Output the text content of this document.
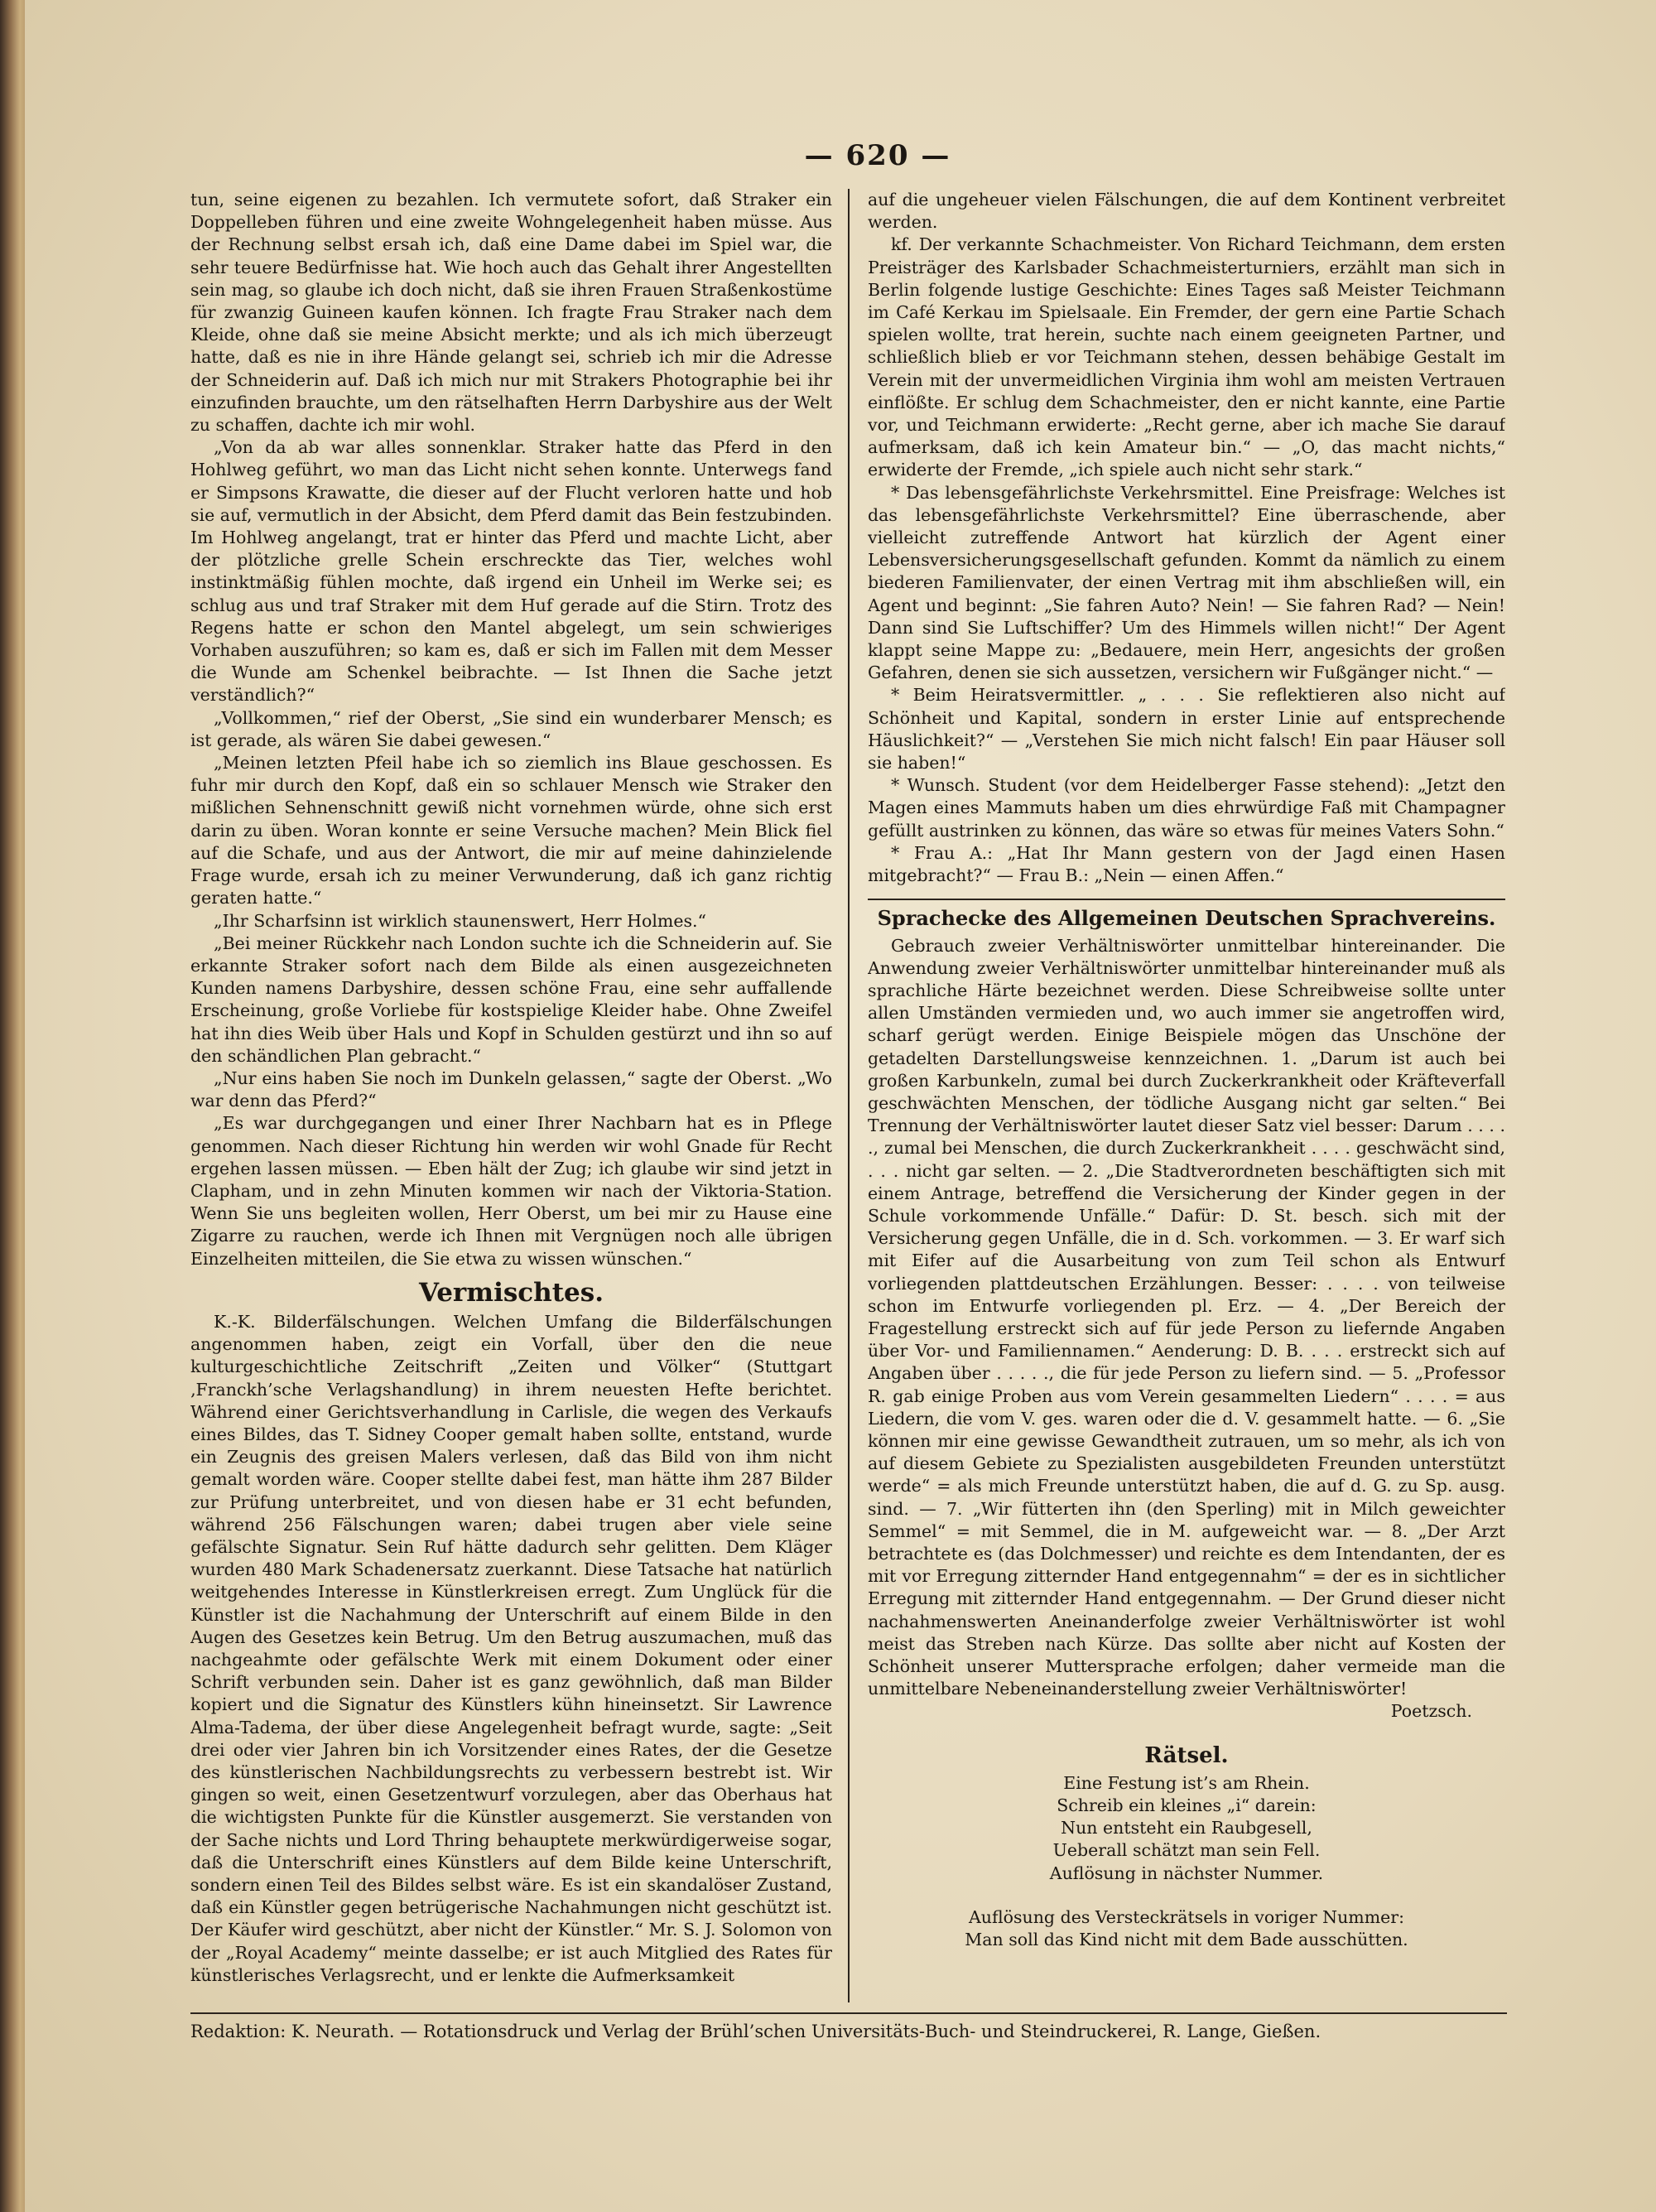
— 620 —

tun, seine eigenen zu bezahlen. Ich vermutete sofort, daß Straker ein Doppelleben führen und eine zweite Wohngelegenheit haben müsse. Aus der Rechnung selbst ersah ich, daß eine Dame dabei im Spiel war, die sehr teuere Bedürfnisse hat. Wie hoch auch das Gehalt ihrer Angestellten sein mag, so glaube ich doch nicht, daß sie ihren Frauen Straßenkostüme für zwanzig Guineen kaufen können. Ich fragte Frau Straker nach dem Kleide, ohne daß sie meine Absicht merkte; und als ich mich überzeugt hatte, daß es nie in ihre Hände gelangt sei, schrieb ich mir die Adresse der Schneiderin auf. Daß ich mich nur mit Strakers Photographie bei ihr einzufinden brauchte, um den rätselhaften Herrn Darbyshire aus der Welt zu schaffen, dachte ich mir wohl.

„Von da ab war alles sonnenklar. Straker hatte das Pferd in den Hohlweg geführt, wo man das Licht nicht sehen konnte. Unterwegs fand er Simpsons Krawatte, die dieser auf der Flucht verloren hatte und hob sie auf, vermutlich in der Absicht, dem Pferd damit das Bein festzubinden. Im Hohlweg angelangt, trat er hinter das Pferd und machte Licht, aber der plötzliche grelle Schein erschreckte das Tier, welches wohl instinktmäßig fühlen mochte, daß irgend ein Unheil im Werke sei; es schlug aus und traf Straker mit dem Huf gerade auf die Stirn. Trotz des Regens hatte er schon den Mantel abgelegt, um sein schwieriges Vorhaben auszuführen; so kam es, daß er sich im Fallen mit dem Messer die Wunde am Schenkel beibrachte. — Ist Ihnen die Sache jetzt verständlich?“

„Vollkommen,“ rief der Oberst, „Sie sind ein wunderbarer Mensch; es ist gerade, als wären Sie dabei gewesen.“

„Meinen letzten Pfeil habe ich so ziemlich ins Blaue geschossen. Es fuhr mir durch den Kopf, daß ein so schlauer Mensch wie Straker den mißlichen Sehnenschnitt gewiß nicht vornehmen würde, ohne sich erst darin zu üben. Woran konnte er seine Versuche machen? Mein Blick fiel auf die Schafe, und aus der Antwort, die mir auf meine dahinzielende Frage wurde, ersah ich zu meiner Verwunderung, daß ich ganz richtig geraten hatte.“

„Ihr Scharfsinn ist wirklich staunenswert, Herr Holmes.“

„Bei meiner Rückkehr nach London suchte ich die Schneiderin auf. Sie erkannte Straker sofort nach dem Bilde als einen ausgezeichneten Kunden namens Darbyshire, dessen schöne Frau, eine sehr auffallende Erscheinung, große Vorliebe für kostspielige Kleider habe. Ohne Zweifel hat ihn dies Weib über Hals und Kopf in Schulden gestürzt und ihn so auf den schändlichen Plan gebracht.“

„Nur eins haben Sie noch im Dunkeln gelassen,“ sagte der Oberst. „Wo war denn das Pferd?“

„Es war durchgegangen und einer Ihrer Nachbarn hat es in Pflege genommen. Nach dieser Richtung hin werden wir wohl Gnade für Recht ergehen lassen müssen. — Eben hält der Zug; ich glaube wir sind jetzt in Clapham, und in zehn Minuten kommen wir nach der Viktoria-Station. Wenn Sie uns begleiten wollen, Herr Oberst, um bei mir zu Hause eine Zigarre zu rauchen, werde ich Ihnen mit Vergnügen noch alle übrigen Einzelheiten mitteilen, die Sie etwa zu wissen wünschen.“

Vermischtes.

K.-K. Bilderfälschungen. Welchen Umfang die Bilderfälschungen angenommen haben, zeigt ein Vorfall, über den die neue kulturgeschichtliche Zeitschrift „Zeiten und Völker“ (Stuttgart ‚Franckh’sche Verlagshandlung) in ihrem neuesten Hefte berichtet. Während einer Gerichtsverhandlung in Carlisle, die wegen des Verkaufs eines Bildes, das T. Sidney Cooper gemalt haben sollte, entstand, wurde ein Zeugnis des greisen Malers verlesen, daß das Bild von ihm nicht gemalt worden wäre. Cooper stellte dabei fest, man hätte ihm 287 Bilder zur Prüfung unterbreitet, und von diesen habe er 31 echt befunden, während 256 Fälschungen waren; dabei trugen aber viele seine gefälschte Signatur. Sein Ruf hätte dadurch sehr gelitten. Dem Kläger wurden 480 Mark Schadenersatz zuerkannt. Diese Tatsache hat natürlich weitgehendes Interesse in Künstlerkreisen erregt. Zum Unglück für die Künstler ist die Nachahmung der Unterschrift auf einem Bilde in den Augen des Gesetzes kein Betrug. Um den Betrug auszumachen, muß das nachgeahmte oder gefälschte Werk mit einem Dokument oder einer Schrift verbunden sein. Daher ist es ganz gewöhnlich, daß man Bilder kopiert und die Signatur des Künstlers kühn hineinsetzt. Sir Lawrence Alma-Tadema, der über diese Angelegenheit befragt wurde, sagte: „Seit drei oder vier Jahren bin ich Vorsitzender eines Rates, der die Gesetze des künstlerischen Nachbildungsrechts zu verbessern bestrebt ist. Wir gingen so weit, einen Gesetzentwurf vorzulegen, aber das Oberhaus hat die wichtigsten Punkte für die Künstler ausgemerzt. Sie verstanden von der Sache nichts und Lord Thring behauptete merkwürdigerweise sogar, daß die Unterschrift eines Künstlers auf dem Bilde keine Unterschrift, sondern einen Teil des Bildes selbst wäre. Es ist ein skandalöser Zustand, daß ein Künstler gegen betrügerische Nachahmungen nicht geschützt ist. Der Käufer wird geschützt, aber nicht der Künstler.“ Mr. S. J. Solomon von der „Royal Academy“ meinte dasselbe; er ist auch Mitglied des Rates für künstlerisches Verlagsrecht, und er lenkte die Aufmerksamkeit

auf die ungeheuer vielen Fälschungen, die auf dem Kontinent verbreitet werden.

kf. Der verkannte Schachmeister. Von Richard Teichmann, dem ersten Preisträger des Karlsbader Schachmeisterturniers, erzählt man sich in Berlin folgende lustige Geschichte: Eines Tages saß Meister Teichmann im Café Kerkau im Spielsaale. Ein Fremder, der gern eine Partie Schach spielen wollte, trat herein, suchte nach einem geeigneten Partner, und schließlich blieb er vor Teichmann stehen, dessen behäbige Gestalt im Verein mit der unvermeidlichen Virginia ihm wohl am meisten Vertrauen einflößte. Er schlug dem Schachmeister, den er nicht kannte, eine Partie vor, und Teichmann erwiderte: „Recht gerne, aber ich mache Sie darauf aufmerksam, daß ich kein Amateur bin.“ — „O, das macht nichts,“ erwiderte der Fremde, „ich spiele auch nicht sehr stark.“

* Das lebensgefährlichste Verkehrsmittel. Eine Preisfrage: Welches ist das lebensgefährlichste Verkehrsmittel? Eine überraschende, aber vielleicht zutreffende Antwort hat kürzlich der Agent einer Lebensversicherungsgesellschaft gefunden. Kommt da nämlich zu einem biederen Familienvater, der einen Vertrag mit ihm abschließen will, ein Agent und beginnt: „Sie fahren Auto? Nein! — Sie fahren Rad? — Nein! Dann sind Sie Luftschiffer? Um des Himmels willen nicht!“ Der Agent klappt seine Mappe zu: „Bedauere, mein Herr, angesichts der großen Gefahren, denen sie sich aussetzen, versichern wir Fußgänger nicht.“ —

* Beim Heiratsvermittler. „ . . . Sie reflektieren also nicht auf Schönheit und Kapital, sondern in erster Linie auf entsprechende Häuslichkeit?“ — „Verstehen Sie mich nicht falsch! Ein paar Häuser soll sie haben!“

* Wunsch. Student (vor dem Heidelberger Fasse stehend): „Jetzt den Magen eines Mammuts haben um dies ehrwürdige Faß mit Champagner gefüllt austrinken zu können, das wäre so etwas für meines Vaters Sohn.“

* Frau A.: „Hat Ihr Mann gestern von der Jagd einen Hasen mitgebracht?“ — Frau B.: „Nein — einen Affen.“

Sprachecke des Allgemeinen Deutschen Sprachvereins.

Gebrauch zweier Verhältniswörter unmittelbar hintereinander. Die Anwendung zweier Verhältniswörter unmittelbar hintereinander muß als sprachliche Härte bezeichnet werden. Diese Schreibweise sollte unter allen Umständen vermieden und, wo auch immer sie angetroffen wird, scharf gerügt werden. Einige Beispiele mögen das Unschöne der getadelten Darstellungsweise kennzeichnen. 1. „Darum ist auch bei großen Karbunkeln, zumal bei durch Zuckerkrankheit oder Kräfteverfall geschwächten Menschen, der tödliche Ausgang nicht gar selten.“ Bei Trennung der Verhältniswörter lautet dieser Satz viel besser: Darum . . . . ., zumal bei Menschen, die durch Zuckerkrankheit . . . . geschwächt sind, . . . nicht gar selten. — 2. „Die Stadtverordneten beschäftigten sich mit einem Antrage, betreffend die Versicherung der Kinder gegen in der Schule vorkommende Unfälle.“ Dafür: D. St. besch. sich mit der Versicherung gegen Unfälle, die in d. Sch. vorkommen. — 3. Er warf sich mit Eifer auf die Ausarbeitung von zum Teil schon als Entwurf vorliegenden plattdeutschen Erzählungen. Besser: . . . . von teilweise schon im Entwurfe vorliegenden pl. Erz. — 4. „Der Bereich der Fragestellung erstreckt sich auf für jede Person zu liefernde Angaben über Vor- und Familiennamen.“ Aenderung: D. B. . . . erstreckt sich auf Angaben über . . . . ., die für jede Person zu liefern sind. — 5. „Professor R. gab einige Proben aus vom Verein gesammelten Liedern“ . . . . = aus Liedern, die vom V. ges. waren oder die d. V. gesammelt hatte. — 6. „Sie können mir eine gewisse Gewandtheit zutrauen, um so mehr, als ich von auf diesem Gebiete zu Spezialisten ausgebildeten Freunden unterstützt werde“ = als mich Freunde unterstützt haben, die auf d. G. zu Sp. ausg. sind. — 7. „Wir fütterten ihn (den Sperling) mit in Milch geweichter Semmel“ = mit Semmel, die in M. aufgeweicht war. — 8. „Der Arzt betrachtete es (das Dolchmesser) und reichte es dem Intendanten, der es mit vor Erregung zitternder Hand entgegennahm“ = der es in sichtlicher Erregung mit zitternder Hand entgegennahm. — Der Grund dieser nicht nachahmenswerten Aneinanderfolge zweier Verhältniswörter ist wohl meist das Streben nach Kürze. Das sollte aber nicht auf Kosten der Schönheit unserer Muttersprache erfolgen; daher vermeide man die unmittelbare Nebeneinanderstellung zweier Verhältniswörter!

Poetzsch.

Rätsel.

Eine Festung ist’s am Rhein.

Schreib ein kleines „i“ darein:

Nun entsteht ein Raubgesell,

Ueberall schätzt man sein Fell.

Auflösung in nächster Nummer.

Auflösung des Versteckrätsels in voriger Nummer:

Man soll das Kind nicht mit dem Bade ausschütten.

Redaktion: K. Neurath. — Rotationsdruck und Verlag der Brühl’schen Universitäts-Buch- und Steindruckerei, R. Lange, Gießen.
